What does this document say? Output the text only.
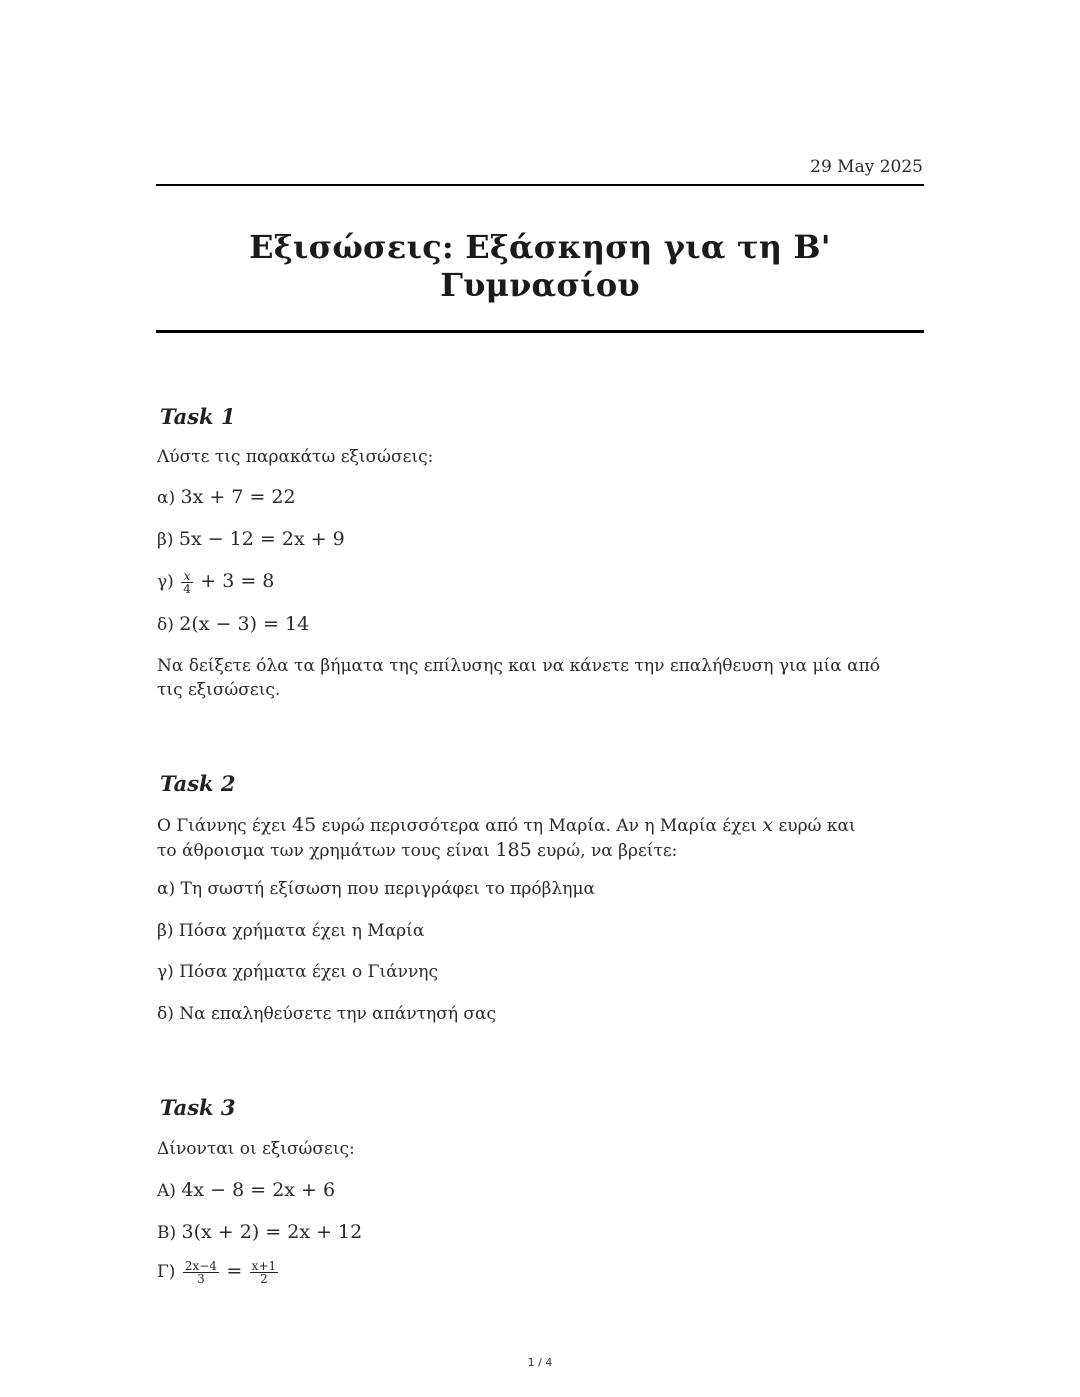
29 May 2025
Εξισώσεις: Εξάσκηση για τη Β' Γυμνασίου
Task 1
Λύστε τις παρακάτω εξισώσεις:
α) 3x + 7 = 22
β) 5x − 12 = 2x + 9
$\gamma) \frac{x}{4} + 3 = 8$
δ) 2(x − 3) = 14
Να δείξετε όλα τα βήματα της επίλυσης και να κάνετε την επαλήθευση για μία από τις εξισώσεις.
Task 2
Ο Γιάννης έχει 45 ευρώ περισσότερα από τη Μαρία. Αν η Μαρία έχει x ευρώ και το άθροισμα των χρημάτων τους είναι 185 ευρώ, να βρείτε:
α) Τη σωστή εξίσωση που περιγράφει το πρόβλημα
β) Πόσα χρήματα έχει η Μαρία
γ) Πόσα χρήματα έχει ο Γιάννης
δ) Να επαληθεύσετε την απάντησή σας
Task 3
Δίνονται οι εξισώσεις:
Α) 4x − 8 = 2x + 6
Β) 3(x + 2) = 2x + 12
$\Gamma) \frac{2x-4}{3} = \frac{x+1}{2}$
1 / 4
